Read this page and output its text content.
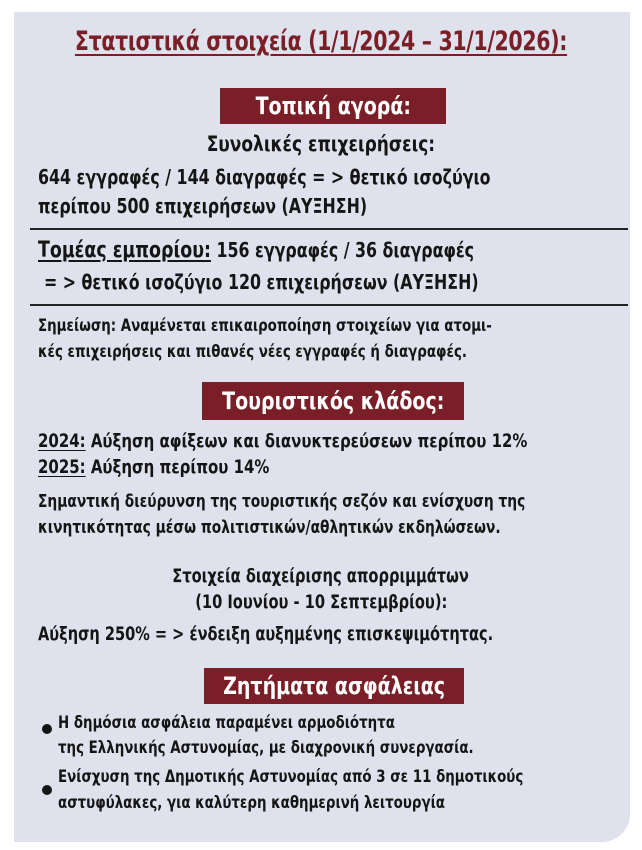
Στατιστικά στοιχεία (1/1/2024 – 31/1/2026):
Τοπική αγορά:
Συνολικές επιχειρήσεις:
644 εγγραφές / 144 διαγραφές = > θετικό ισοζύγιο
περίπου 500 επιχειρήσεων (ΑΥΞΗΣΗ)
Τομέας εμπορίου: 156 εγγραφές / 36 διαγραφές
= > θετικό ισοζύγιο 120 επιχειρήσεων (ΑΥΞΗΣΗ)
Σημείωση: Αναμένεται επικαιροποίηση στοιχείων για ατομι-
κές επιχειρήσεις και πιθανές νέες εγγραφές ή διαγραφές.
Τουριστικός κλάδος:
2024: Αύξηση αφίξεων και διανυκτερεύσεων περίπου 12%
2025: Αύξηση περίπου 14%
Σημαντική διεύρυνση της τουριστικής σεζόν και ενίσχυση της
κινητικότητας μέσω πολιτιστικών/αθλητικών εκδηλώσεων.
Στοιχεία διαχείρισης απορριμμάτων
(10 Ιουνίου - 10 Σεπτεμβρίου):
Αύξηση 250% = > ένδειξη αυξημένης επισκεψιμότητας.
Ζητήματα ασφάλειας
Η δημόσια ασφάλεια παραμένει αρμοδιότητα
της Ελληνικής Αστυνομίας, με διαχρονική συνεργασία.
Ενίσχυση της Δημοτικής Αστυνομίας από 3 σε 11 δημοτικούς
αστυφύλακες, για καλύτερη καθημερινή λειτουργία
